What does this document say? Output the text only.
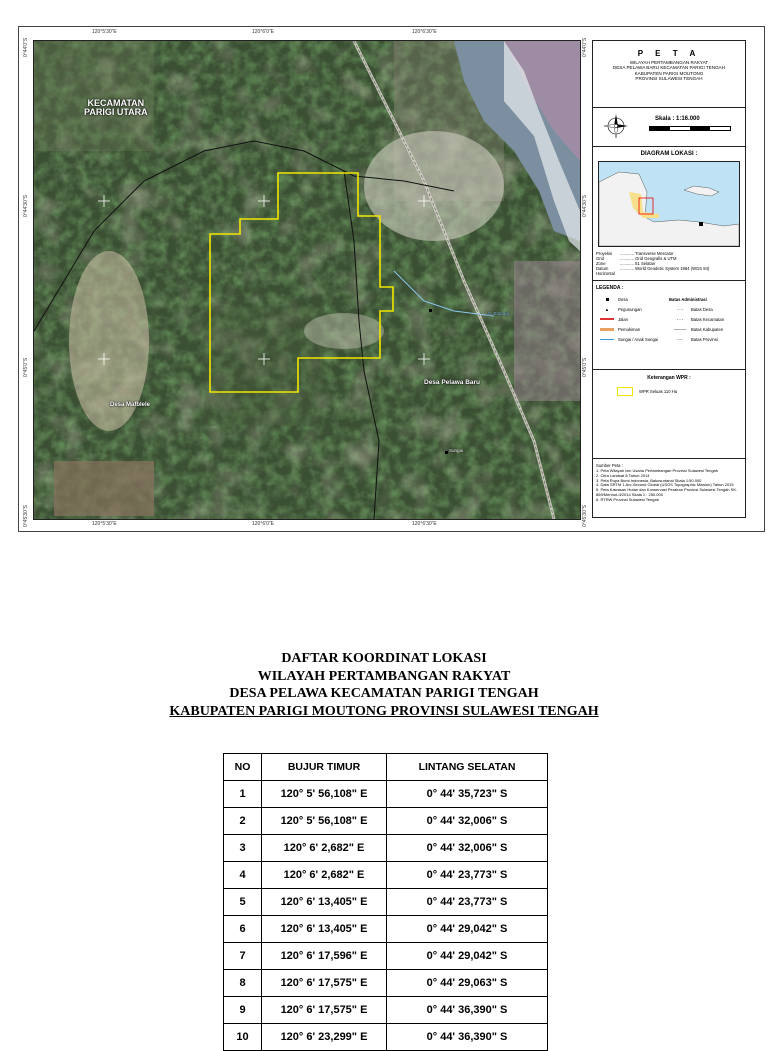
120°5'30"E	120°6'0"E	120°6'30"E
120°5'30"E	120°6'0"E	120°6'30"E
0°44'0"S
0°44'30"S
0°45'0"S
0°45'30"S
0°44'0"S
0°44'30"S
0°45'0"S
0°45'30"S
KECAMATAN
PARIGI UTARA
Desa Mafblele
Desa Pelawa Baru
S. Empagi
Sungai
P E T A
WILAYAH PERTAMBANGAN RAKYAT
DESA PELAWA BARU KECAMATAN PARIGI TENGAH
KABUPATEN PARIGI MOUTONG
PROVINSI SULAWESI TENGAH
Skala : 1:16.000
DIAGRAM LOKASI :
Proyeksi	............ Transverse Mercator
Grid	............ Grid Geografis & UTM
Zone	............ 51 Selatan
Datum Horizontal
............ World Geodetic System 1984 (WGS 84)
LEGENDA :
Desa
▲	Pegunungan
Jalan
Pemukiman
Sungai / Anak Sungai
Batas Administrasi
·····	Batas Desa
- - -	Batas Kecamatan
———	Batas Kabupaten
-·-·	Batas Provinsi
Keterangan WPR :
WPR Seluas 110 Ha
Sumber Peta :
1. Peta Wilayah Izin Usaha Pertambangan Provinsi Sulawesi Tengah
2. Citra Landsat 8 Tahun 2014
3. Peta Rupa Bumi Indonesia, Bakosurtanal Skala 1:50.000
4. Data SRTM 1 Arc-Second Global (USGS Topographic Mission) Tahun 2015
5. Peta Kawasan Hutan dan Konservasi Perairan Provinsi Sulawesi Tengah SK. 869/Menhut-II/2014 Skala 1 : 250.000
6. RTRW Provinsi Sulawesi Tengah
DAFTAR KOORDINAT LOKASI
WILAYAH PERTAMBANGAN RAKYAT
DESA PELAWA KECAMATAN PARIGI TENGAH
KABUPATEN PARIGI MOUTONG PROVINSI SULAWESI TENGAH
NO	BUJUR TIMUR	LINTANG SELATAN
1	120° 5' 56,108" E	0° 44' 35,723" S
2	120° 5' 56,108" E	0° 44' 32,006" S
3	120° 6' 2,682" E	0° 44' 32,006" S
4	120° 6' 2,682" E	0° 44' 23,773" S
5	120° 6' 13,405" E	0° 44' 23,773" S
6	120° 6' 13,405" E	0° 44' 29,042" S
7	120° 6' 17,596" E	0° 44' 29,042" S
8	120° 6' 17,575" E	0° 44' 29,063" S
9	120° 6' 17,575" E	0° 44' 36,390" S
10	120° 6' 23,299" E	0° 44' 36,390" S
